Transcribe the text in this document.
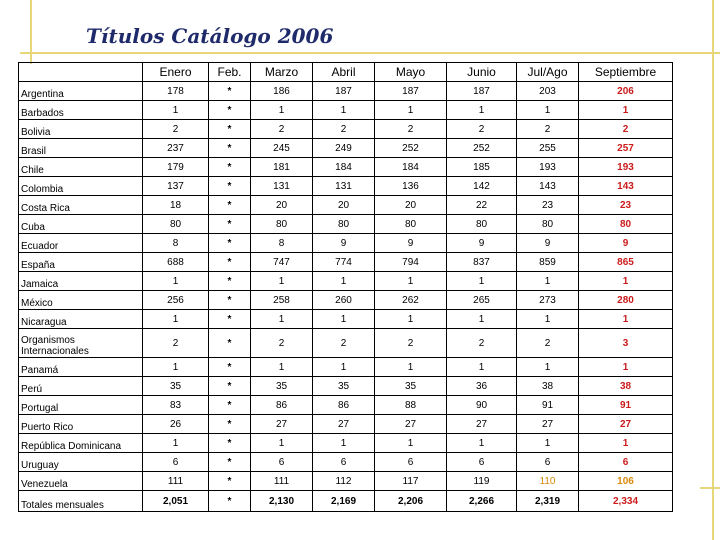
Títulos Catálogo 2006
	Enero	Feb.	Marzo	Abril	Mayo	Junio	Jul/Ago	Septiembre
Argentina	178	*	186	187	187	187	203	206
Barbados	1	*	1	1	1	1	1	1
Bolivia	2	*	2	2	2	2	2	2
Brasil	237	*	245	249	252	252	255	257
Chile	179	*	181	184	184	185	193	193
Colombia	137	*	131	131	136	142	143	143
Costa Rica	18	*	20	20	20	22	23	23
Cuba	80	*	80	80	80	80	80	80
Ecuador	8	*	8	9	9	9	9	9
España	688	*	747	774	794	837	859	865
Jamaica	1	*	1	1	1	1	1	1
México	256	*	258	260	262	265	273	280
Nicaragua	1	*	1	1	1	1	1	1
Organismos Internacionales	2	*	2	2	2	2	2	3
Panamá	1	*	1	1	1	1	1	1
Perú	35	*	35	35	35	36	38	38
Portugal	83	*	86	86	88	90	91	91
Puerto Rico	26	*	27	27	27	27	27	27
República Dominicana	1	*	1	1	1	1	1	1
Uruguay	6	*	6	6	6	6	6	6
Venezuela	111	*	111	112	117	119	110	106
Totales mensuales	2,051	*	2,130	2,169	2,206	2,266	2,319	2,334
